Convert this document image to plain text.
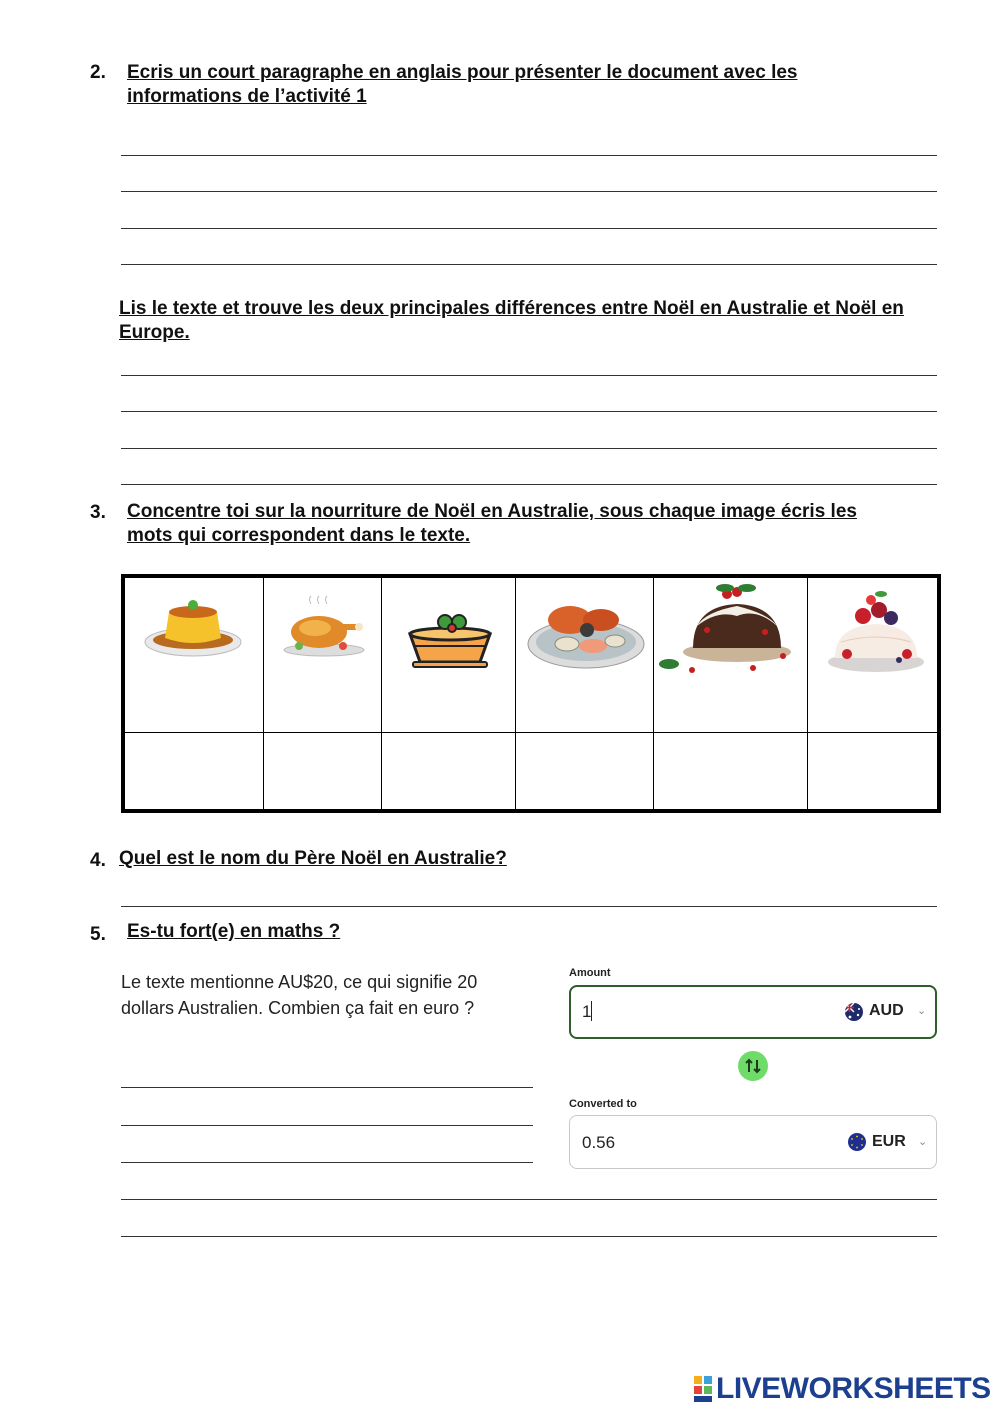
2. Ecris un court paragraphe en anglais pour présenter le document avec les informations de l’activité 1
Lis le texte et trouve les deux principales différences entre Noël en Australie et Noël en Europe.
3. Concentre toi sur la nourriture de Noël en Australie, sous chaque image écris les mots qui correspondent dans le texte.
4. Quel est le nom du Père Noël en Australie?
5. Es-tu fort(e) en maths ?
Le texte mentionne AU$20, ce qui signifie 20
dollars Australien. Combien ça fait en euro ?
Amount
1	AUD ⌄
Converted to
0.56	EUR ⌄
LIVEWORKSHEETS
